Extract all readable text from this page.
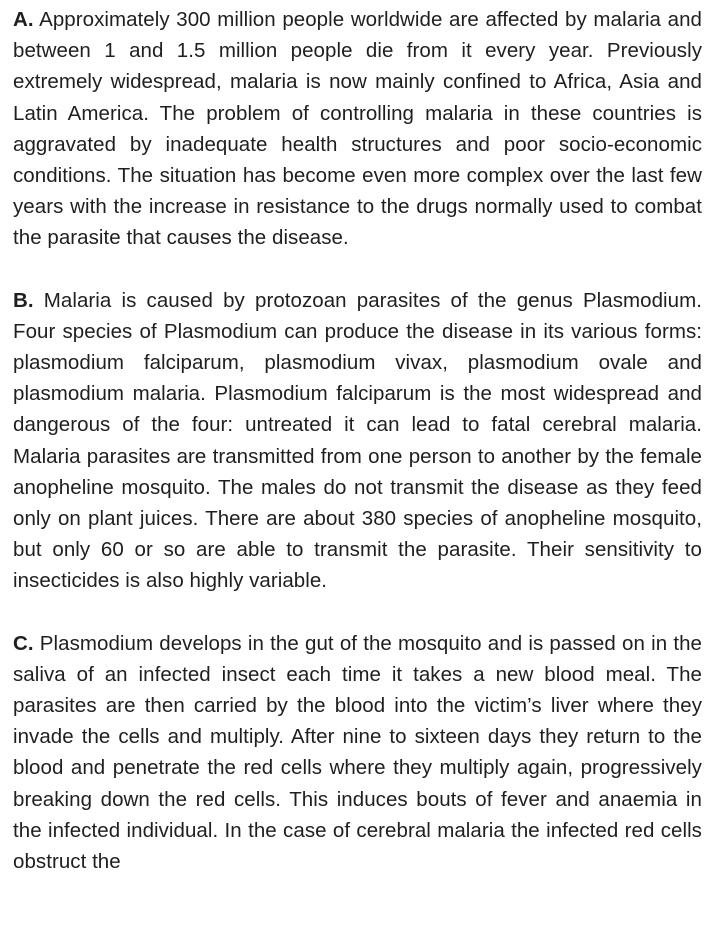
A. Approximately 300 million people worldwide are affected by malaria and between 1 and 1.5 million people die from it every year. Previously extremely widespread, malaria is now mainly confined to Africa, Asia and Latin America. The problem of controlling malaria in these countries is aggravated by inadequate health structures and poor socio-economic conditions. The situation has become even more complex over the last few years with the increase in resistance to the drugs normally used to combat the parasite that causes the disease.

B. Malaria is caused by protozoan parasites of the genus Plasmodium. Four species of Plasmodium can produce the disease in its various forms: plasmodium falciparum, plasmodium vivax, plasmodium ovale and plasmodium malaria. Plasmodium falciparum is the most widespread and dangerous of the four: untreated it can lead to fatal cerebral malaria. Malaria parasites are transmitted from one person to another by the female anopheline mosquito. The males do not transmit the disease as they feed only on plant juices. There are about 380 species of anopheline mosquito, but only 60 or so are able to transmit the parasite. Their sensitivity to insecticides is also highly variable.

C. Plasmodium develops in the gut of the mosquito and is passed on in the saliva of an infected insect each time it takes a new blood meal. The parasites are then carried by the blood into the victim’s liver where they invade the cells and multiply. After nine to sixteen days they return to the blood and penetrate the red cells where they multiply again, progressively breaking down the red cells. This induces bouts of fever and anaemia in the infected individual. In the case of cerebral malaria the infected red cells obstruct the
